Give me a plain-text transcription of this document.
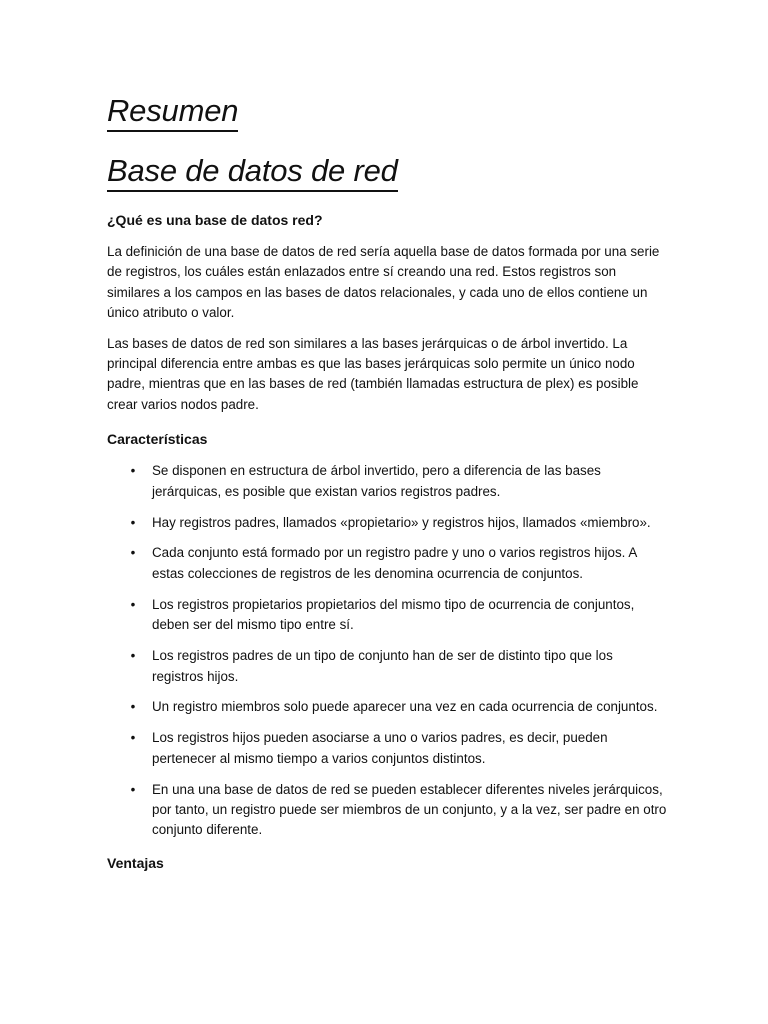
Resumen
Base de datos de red
¿Qué es una base de datos red?

La definición de una base de datos de red sería aquella base de datos formada por una serie de registros, los cuáles están enlazados entre sí creando una red. Estos registros son similares a los campos en las bases de datos relacionales, y cada uno de ellos contiene un único atributo o valor.

Las bases de datos de red son similares a las bases jerárquicas o de árbol invertido. La principal diferencia entre ambas es que las bases jerárquicas solo permite un único nodo padre, mientras que en las bases de red (también llamadas estructura de plex) es posible crear varios nodos padre.

Características
• Se disponen en estructura de árbol invertido, pero a diferencia de las bases jerárquicas, es posible que existan varios registros padres.
• Hay registros padres, llamados «propietario» y registros hijos, llamados «miembro».
• Cada conjunto está formado por un registro padre y uno o varios registros hijos. A estas colecciones de registros de les denomina ocurrencia de conjuntos.
• Los registros propietarios propietarios del mismo tipo de ocurrencia de conjuntos, deben ser del mismo tipo entre sí.
• Los registros padres de un tipo de conjunto han de ser de distinto tipo que los registros hijos.
• Un registro miembros solo puede aparecer una vez en cada ocurrencia de conjuntos.
• Los registros hijos pueden asociarse a uno o varios padres, es decir, pueden pertenecer al mismo tiempo a varios conjuntos distintos.
• En una una base de datos de red se pueden establecer diferentes niveles jerárquicos, por tanto, un registro puede ser miembros de un conjunto, y a la vez, ser padre en otro conjunto diferente.
Ventajas
